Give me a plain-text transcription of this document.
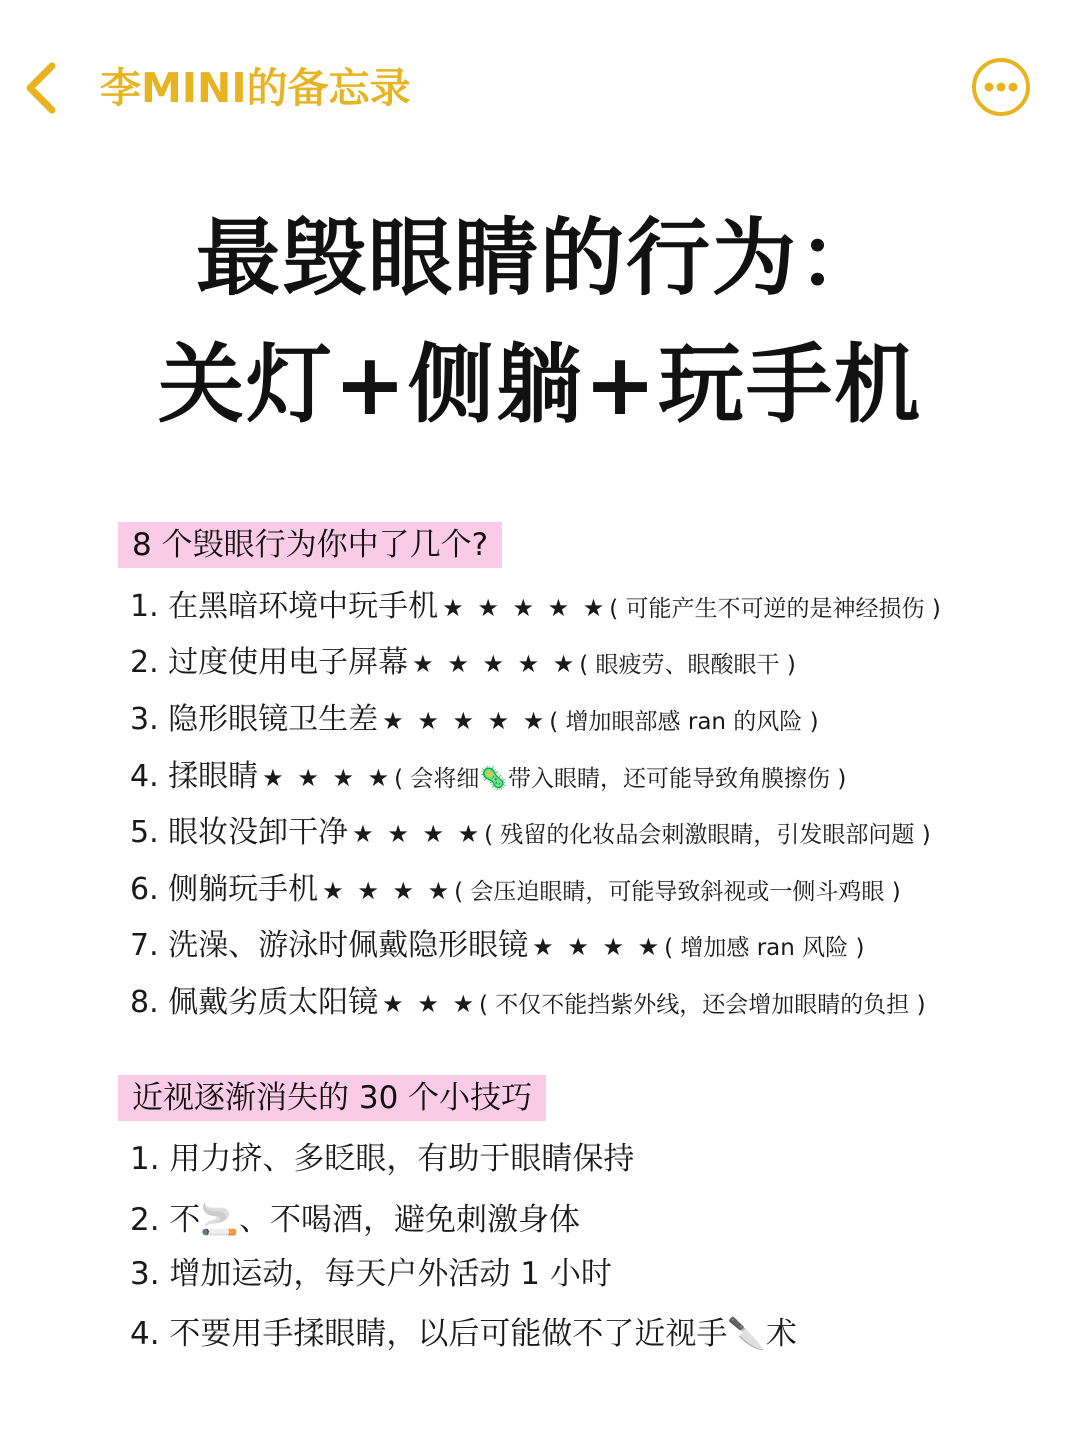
李MINI的备忘录
最毁眼睛的行为：
关灯+侧躺+玩手机
8 个毁眼行为你中了几个?
1. 在黑暗环境中玩手机 ★ ★ ★ ★ ★ ( 可能产生不可逆的是神经损伤 )
2. 过度使用电子屏幕 ★ ★ ★ ★ ★ ( 眼疲劳、眼酸眼干 )
3. 隐形眼镜卫生差 ★ ★ ★ ★ ★ ( 增加眼部感 ran 的风险 )
4. 揉眼睛 ★ ★ ★ ★ ( 会将细🦠带入眼睛，还可能导致角膜擦伤 )
5. 眼妆没卸干净 ★ ★ ★ ★ ( 残留的化妆品会刺激眼睛，引发眼部问题 )
6. 侧躺玩手机 ★ ★ ★ ★ ( 会压迫眼睛，可能导致斜视或一侧斗鸡眼 )
7. 洗澡、游泳时佩戴隐形眼镜 ★ ★ ★ ★ ( 增加感 ran 风险 )
8. 佩戴劣质太阳镜 ★ ★ ★ ( 不仅不能挡紫外线，还会增加眼睛的负担 )
近视逐渐消失的 30 个小技巧
1. 用力挤、多眨眼，有助于眼睛保持
2. 不🚬、不喝酒，避免刺激身体
3. 增加运动，每天户外活动 1 小时
4. 不要用手揉眼睛，以后可能做不了近视手🔪术
